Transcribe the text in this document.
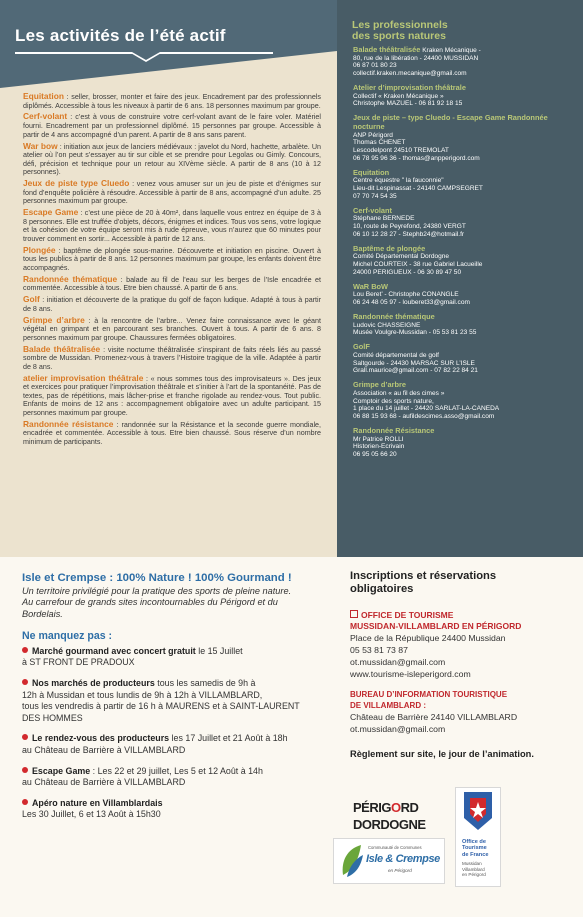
Les activités de l’été actif

Equitation : seller, brosser, monter et faire des jeux. Encadrement par des professionnels diplômés. Accessible à tous les niveaux à partir de 6 ans. 18 personnes maximum par groupe.

Cerf-volant : c’est à vous de construire votre cerf-volant avant de le faire voler. Matériel fourni. Encadrement par un professionnel diplômé. 15 personnes par groupe. Accessible à partir de 4 ans accompagné d’un parent. A partir de 8 ans sans parent.

War bow : initiation aux jeux de lanciers médiévaux : javelot du Nord, hachette, arbalète. Un atelier où l’on peut s’essayer au tir sur cible et se prendre pour Legolas ou Gimly. Concours, défi, précision et technique pour un retour au XIVème siècle. A partir de 8 ans (10 à 12 personnes).

Jeux de piste type Cluedo : venez vous amuser sur un jeu de piste et d’énigmes sur fond d’enquête policière à résoudre. Accessible à partir de 8 ans, accompagné d’un adulte. 25 personnes maximum par groupe.

Escape Game : c’est une pièce de 20 à 40m², dans laquelle vous entrez en équipe de 3 à 8 personnes. Elle est truffée d’objets, décors, énigmes et indices. Tous vos sens, votre logique et la cohésion de votre équipe seront mis à rude épreuve, vous n’aurez que 60 minutes pour trouver comment en sortir... Accessible à partir de 12 ans.

Plongée : baptême de plongée sous-marine. Découverte et initiation en piscine. Ouvert à tous les publics à partir de 8 ans. 12 personnes maximum par groupe, les enfants doivent être accompagnés.

Randonnée thématique : balade au fil de l’eau sur les berges de l’Isle encadrée et commentée. Accessible à tous. Etre bien chaussé. A partir de 6 ans.

Golf : initiation et découverte de la pratique du golf de façon ludique. Adapté à tous à partir de 8 ans.

Grimpe d’arbre : à la rencontre de l’arbre... Venez faire connaissance avec le géant végétal en grimpant et en parcourant ses branches. Ouvert à tous. A partir de 6 ans. 8 personnes maximum par groupe. Chaussures fermées obligatoires.

Balade théâtralisée : visite nocturne théâtralisée s’inspirant de faits réels liés au passé sombre de Mussidan. Promenez-vous à travers l’Histoire tragique de la ville. Adaptée à partir de 8 ans.

atelier improvisation théâtrale : « nous sommes tous des improvisateurs ». Des jeux et exercices pour pratiquer l’improvisation théâtrale et s’initier à l’art de la spontanéité. Pas de textes, pas de répétitions, mais lâcher-prise et franche rigolade au rendez-vous. Tout public. Enfants de moins de 12 ans : accompagnement obligatoire avec un adulte participant. 15 personnes maximum par groupe.

Randonnée résistance : randonnée sur la Résistance et la seconde guerre mondiale, encadrée et commentée. Accessible à tous. Etre bien chaussé. Sous réserve d’un nombre minimum de participants.

Les professionnels
des sports natures
Balade théâtralisée Kraken Mécanique -
80, rue de la libération - 24400 MUSSIDAN
06 87 01 80 23
collectif.kraken.mecanique@gmail.com
Atelier d’improvisation théâtrale
Collectif « Kraken Mécanique »
Christophe MAZUEL - 06 81 92 18 15
Jeux de piste – type Cluedo - Escape Game Randonnée nocturne
ANP Périgord
Thomas CHENET
Lescodelpont 24510 TREMOLAT
06 78 95 96 36 - thomas@anpperigord.com
Equitation
Centre équestre " la fauconnie"
Lieu-dit Lespinassat - 24140 CAMPSEGRET
07 70 74 54 35
Cerf-volant
Stéphane BERNEDE
10, route de Peyrefond, 24380 VERGT
06 10 12 28 27 - Stephb24@hotmail.fr
Baptême de plongée
Comité Départemental Dordogne
Michel COURTEIX - 38 rue Gabriel Lacueille
24000 PERIGUEUX - 06 30 89 47 50
WaR BoW
Lou Beret’ - Christophe CONANGLE
06 24 48 05 97 - louberet33@gmail.com
Randonnée thématique
Ludovic CHASSEIGNE
Musée Voulgre-Mussidan - 05 53 81 23 55
GolF
Comité départemental de golf
Saltgourde - 24430 MARSAC SUR L’ISLE
Grall.maurice@gmail.com - 07 82 22 84 21
Grimpe d’arbre
Association « au fil des cimes »
Comptoir des sports nature,
1 place du 14 juillet - 24420 SARLAT-LA-CANEDA
06 88 15 93 68 - aufildescimes.asso@gmail.com
Randonnée Résistance
Mr Patrice ROLLI
Historien-Ecrivain
06 95 05 66 20
Isle et Crempse : 100% Nature ! 100% Gourmand !
Un territoire privilégié pour la pratique des sports de pleine nature.
Au carrefour de grands sites incontournables du Périgord et du
Bordelais.
Ne manquez pas :
Marché gourmand avec concert gratuit le 15 Juillet
à ST FRONT DE PRADOUX
Nos marchés de producteurs tous les samedis de 9h à
12h à Mussidan et tous lundis de 9h à 12h à VILLAMBLARD,
tous les vendredis à partir de 16 h à MAURENS et à SAINT-LAURENT
DES HOMMES
Le rendez-vous des producteurs les 17 Juillet et 21 Août à 18h
au Château de Barrière à VILLAMBLARD
Escape Game : Les 22 et 29 juillet, Les 5 et 12 Août à 14h
au Château de Barrière à VILLAMBLARD
Apéro nature en Villamblardais
Les 30 Juillet, 6 et 13 Août à 15h30
Inscriptions et réservations
obligatoires
OFFICE DE TOURISME
MUSSIDAN-VILLAMBLARD EN PÉRIGORD
Place de la République 24400 Mussidan
05 53 81 73 87
ot.mussidan@gmail.com
www.tourisme-isleperigord.com
BUREAU D’INFORMATION TOURISTIQUE
DE VILLAMBLARD :
Château de Barrière 24140 VILLAMBLARD
ot.mussidan@gmail.com
Règlement sur site, le jour de l’animation.
PÉRIGORD
DORDOGNE
Office de
Tourisme
de France
Mussidan
Villamblard
en Périgord
Communauté de Communes
Isle & Crempse
en Périgord
